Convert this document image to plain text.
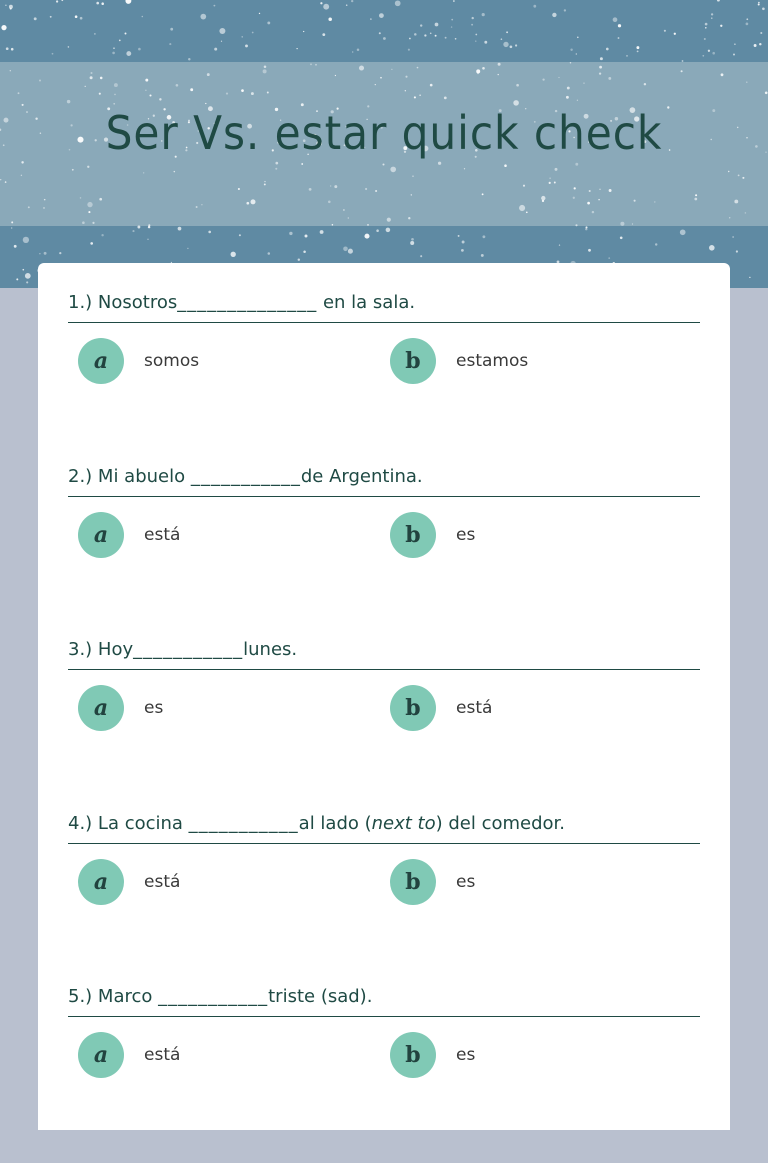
Ser Vs. estar quick check
1.) Nosotros______________ en la sala.
a	somos	b	estamos
2.) Mi abuelo ___________de Argentina.
a	está	b	es
3.) Hoy___________lunes.
a	es	b	está
4.) La cocina ___________al lado (next to) del comedor.
a	está	b	es
5.) Marco ___________triste (sad).
a	está	b	es
